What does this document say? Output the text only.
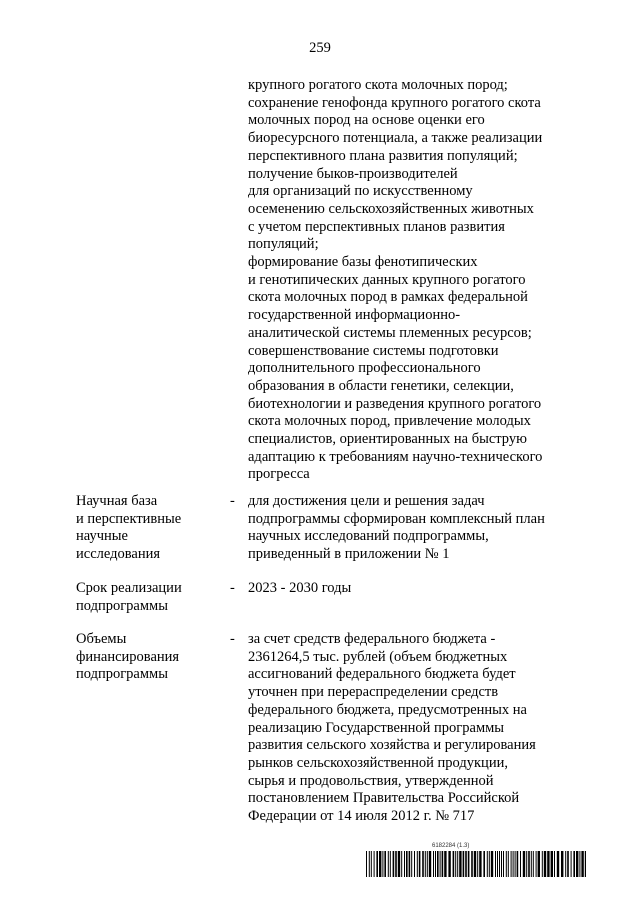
259

крупного рогатого скота молочных пород;

сохранение генофонда крупного рогатого скота

молочных пород на основе оценки его

биоресурсного потенциала, а также реализации

перспективного плана развития популяций;

получение быков-производителей

для организаций по искусственному

осеменению сельскохозяйственных животных

с учетом перспективных планов развития

популяций;

формирование базы фенотипических

и генотипических данных крупного рогатого

скота молочных пород в рамках федеральной

государственной информационно-

аналитической системы племенных ресурсов;

совершенствование системы подготовки

дополнительного профессионального

образования в области генетики, селекции,

биотехнологии и разведения крупного рогатого

скота молочных пород, привлечение молодых

специалистов, ориентированных на быструю

адаптацию к требованиям научно-технического

прогресса

Научная база

и перспективные

научные

исследования

- для достижения цели и решения задач

подпрограммы сформирован комплексный план

научных исследований подпрограммы,

приведенный в приложении № 1

Срок реализации

подпрограммы

- 2023 - 2030 годы

Объемы

финансирования

подпрограммы

- за счет средств федерального бюджета -

2361264,5 тыс. рублей (объем бюджетных

ассигнований федерального бюджета будет

уточнен при перераспределении средств

федерального бюджета, предусмотренных на

реализацию Государственной программы

развития сельского хозяйства и регулирования

рынков сельскохозяйственной продукции,

сырья и продовольствия, утвержденной

постановлением Правительства Российской

Федерации от 14 июля 2012 г. № 717

6182284 (1.3)
